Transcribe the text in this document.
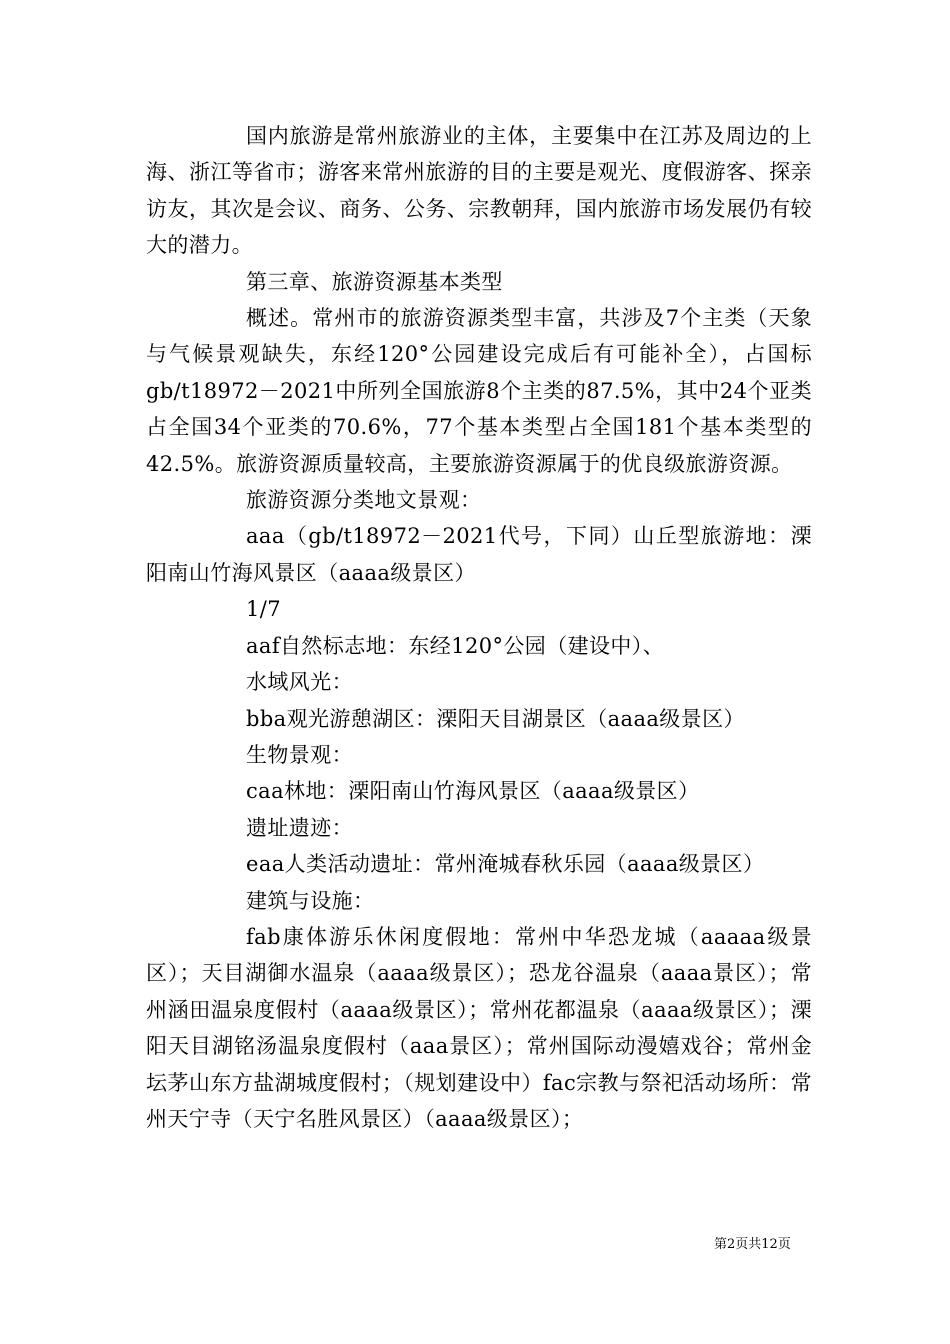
国内旅游是常州旅游业的主体，主要集中在江苏及周边的上海、浙江等省市；游客来常州旅游的目的主要是观光、度假游客、探亲访友，其次是会议、商务、公务、宗教朝拜，国内旅游市场发展仍有较大的潜力。

第三章、旅游资源基本类型

概述。常州市的旅游资源类型丰富，共涉及7个主类（天象与气候景观缺失，东经120°公园建设完成后有可能补全），占国标gb/t18972－2021中所列全国旅游8个主类的87.5%，其中24个亚类占全国34个亚类的70.6%，77个基本类型占全国181个基本类型的42.5%。旅游资源质量较高，主要旅游资源属于的优良级旅游资源。

旅游资源分类地文景观：

aaa（gb/t18972－2021代号，下同）山丘型旅游地：溧阳南山竹海风景区（aaaa级景区）

1/7

aaf自然标志地：东经120°公园（建设中）、

水域风光：

bba观光游憩湖区：溧阳天目湖景区（aaaa级景区）

生物景观：

caa林地：溧阳南山竹海风景区（aaaa级景区）

遗址遗迹：

eaa人类活动遗址：常州淹城春秋乐园（aaaa级景区）

建筑与设施：

fab康体游乐休闲度假地：常州中华恐龙城（aaaaa级景区）；天目湖御水温泉（aaaa级景区）；恐龙谷温泉（aaaa景区）；常州涵田温泉度假村（aaaa级景区）；常州花都温泉（aaaa级景区）；溧阳天目湖铭汤温泉度假村（aaa景区）；常州国际动漫嬉戏谷；常州金坛茅山东方盐湖城度假村；（规划建设中）fac宗教与祭祀活动场所：常州天宁寺（天宁名胜风景区）（aaaa级景区）；

第2页共12页
